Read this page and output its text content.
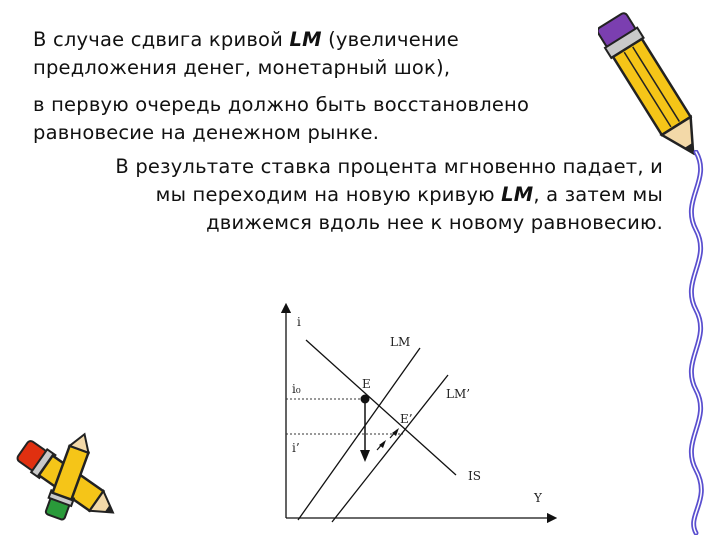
В случае сдвига кривой LM (увеличение предложения денег, монетарный шок),

в первую очередь должно быть восстановлено равновесие на денежном рынке.

В результате ставка процента мгновенно падает, и мы переходим на новую кривую LM, а затем мы движемся вдоль нее к новому равновесию.

i
Y
i₀
i’
IS
LM
LM’
E
E’
